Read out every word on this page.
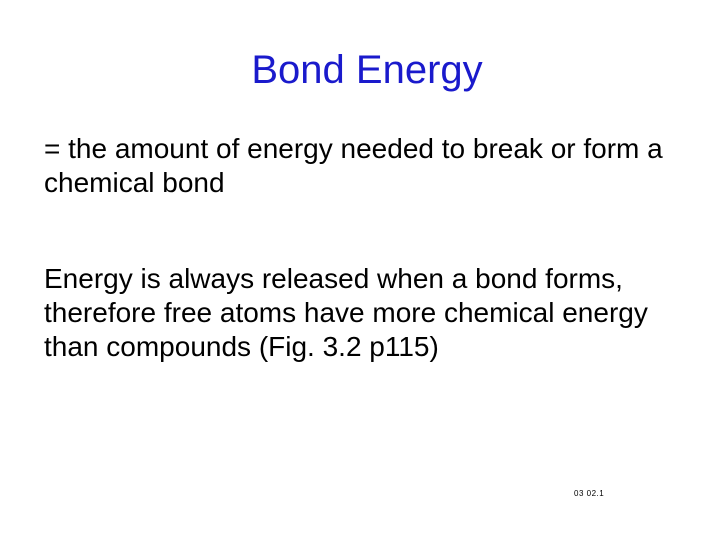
Bond Energy
= the amount of energy needed to break or form a chemical bond
Energy is always released when a bond forms, therefore free atoms have more chemical energy than compounds (Fig. 3.2 p115)
03 02.1
